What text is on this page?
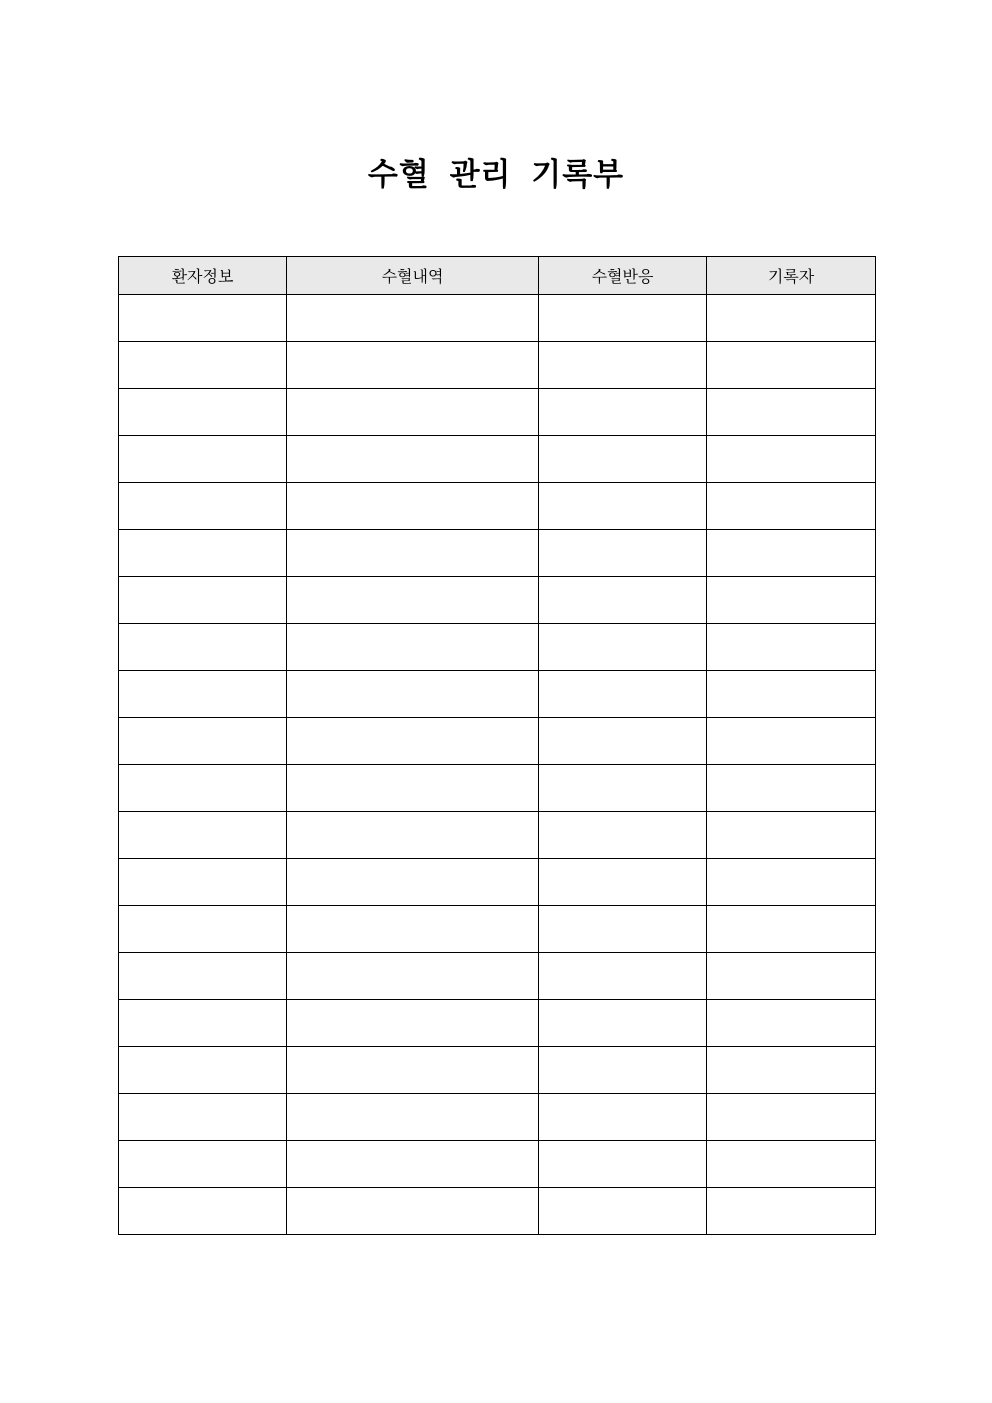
수혈 관리 기록부
환자정보	수혈내역	수혈반응	기록자
